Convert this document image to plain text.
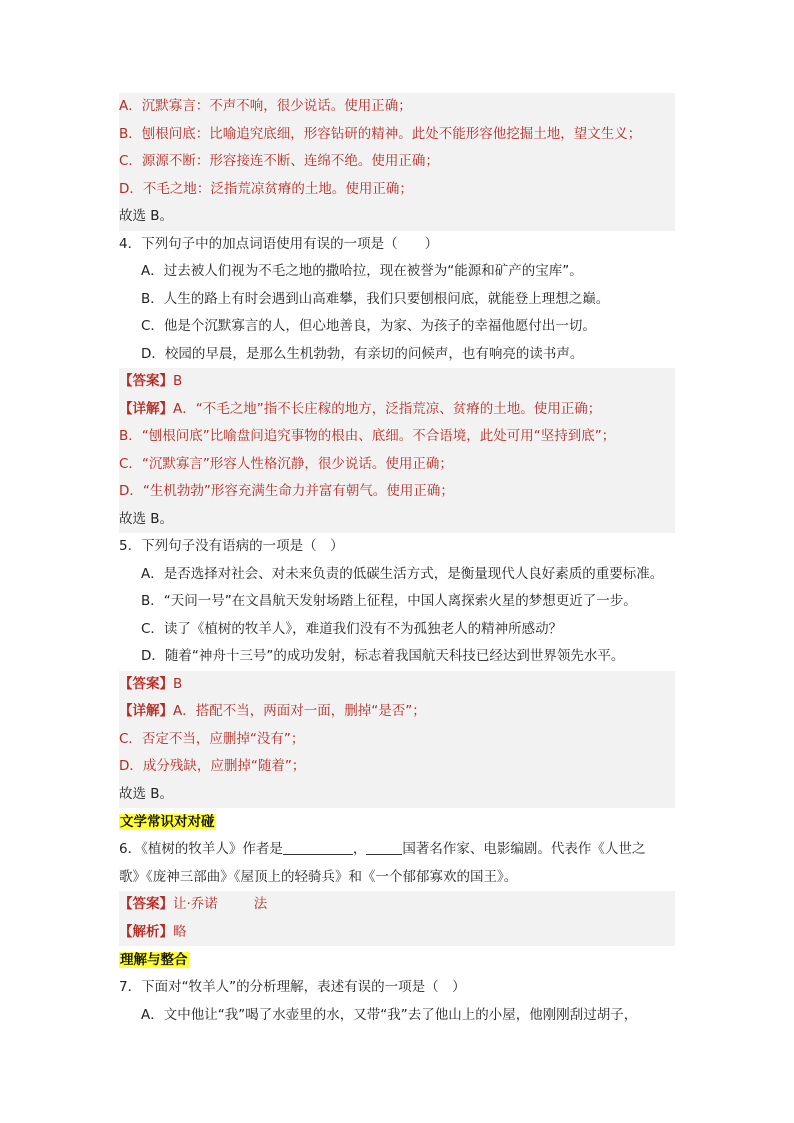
A．沉默寡言：不声不响，很少说话。使用正确；
B．刨根问底：比喻追究底细，形容钻研的精神。此处不能形容他挖掘土地，望文生义；
C．源源不断：形容接连不断、连绵不绝。使用正确；
D．不毛之地：泛指荒凉贫瘠的土地。使用正确；
故选 B。
4．下列句子中的加点词语使用有误的一项是（　　）
A．过去被人们视为不毛之地的撒哈拉，现在被誉为“能源和矿产的宝库”。
B．人生的路上有时会遇到山高难攀，我们只要刨根问底，就能登上理想之巅。
C．他是个沉默寡言的人，但心地善良，为家、为孩子的幸福他愿付出一切。
D．校园的早晨，是那么生机勃勃，有亲切的问候声，也有响亮的读书声。
【答案】B
【详解】A．“不毛之地”指不长庄稼的地方，泛指荒凉、贫瘠的土地。使用正确；
B．“刨根问底”比喻盘问追究事物的根由、底细。不合语境，此处可用“坚持到底”；
C．“沉默寡言”形容人性格沉静，很少说话。使用正确；
D．“生机勃勃”形容充满生命力并富有朝气。使用正确；
故选 B。
5．下列句子没有语病的一项是（　）
A．是否选择对社会、对未来负责的低碳生活方式，是衡量现代人良好素质的重要标准。
B．“天问一号”在文昌航天发射场踏上征程，中国人离探索火星的梦想更近了一步。
C．读了《植树的牧羊人》，难道我们没有不为孤独老人的精神所感动？
D．随着“神舟十三号”的成功发射，标志着我国航天科技已经达到世界领先水平。
【答案】B
【详解】A．搭配不当，两面对一面，删掉“是否”；
C．否定不当，应删掉“没有”；
D．成分残缺，应删掉“随着”；
故选 B。
文学常识对对碰
6．《植树的牧羊人》作者是	，	国著名作家、电影编剧。代表作《人世之
歌》《庞神三部曲》《屋顶上的轻骑兵》和《一个郁郁寡欢的国王》。
【答案】让·乔诺	法
【解析】略
理解与整合
7．下面对“牧羊人”的分析理解，表述有误的一项是（　）
A．文中他让“我”喝了水壶里的水，又带“我”去了他山上的小屋，他刚刚刮过胡子，
